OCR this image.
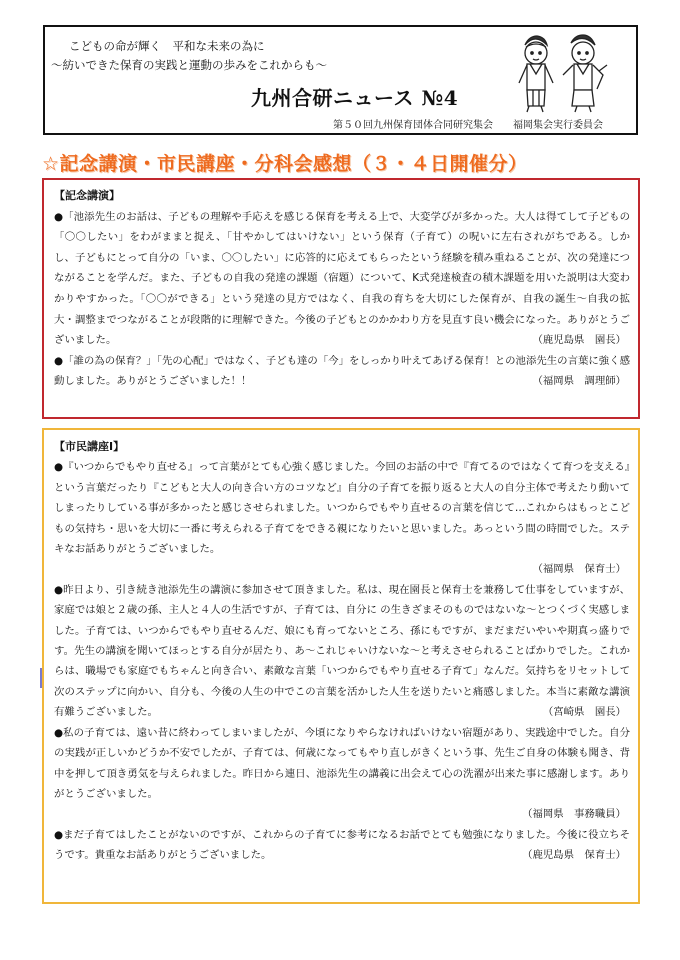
こどもの命が輝く　平和な未来の為に
～紡いできた保育の実践と運動の歩みをこれからも～
九州合研ニュース №4
第５０回九州保育団体合同研究集会　　福岡集会実行委員会
☆記念講演・市民講座・分科会感想（３・４日開催分）
【記念講演】

●「池添先生のお話は、子どもの理解や手応えを感じる保育を考える上で、大変学びが多かった。大人は得てして子どもの「〇〇したい」をわがままと捉え、「甘やかしてはいけない」という保育（子育て）の呪いに左右されがちである。しかし、子どもにとって自分の「いま、〇〇したい」に応答的に応えてもらったという経験を積み重ねることが、次の発達につながることを学んだ。また、子どもの自我の発達の課題（宿題）について、K式発達検査の積木課題を用いた説明は大変わかりやすかった。「〇〇ができる」という発達の見方ではなく、自我の育ちを大切にした保育が、自我の誕生～自我の拡大・調整までつながることが段階的に理解できた。今後の子どもとのかかわり方を見直す良い機会になった。ありがとうございました。	（鹿児島県　園長）

●「誰の為の保育？」「先の心配」ではなく、子ども達の「今」をしっかり叶えてあげる保育！との池添先生の言葉に強く感動しました。ありがとうございました！！	（福岡県　調理師）

【市民講座Ⅰ】

●『いつからでもやり直せる』って言葉がとても心強く感じました。今回のお話の中で『育てるのではなくて育つを支える』という言葉だったり『こどもと大人の向き合い方のコツなど』自分の子育てを振り返ると大人の自分主体で考えたり動いてしまったりしている事が多かったと感じさせられました。いつからでもやり直せるの言葉を信じて…これからはもっとこどもの気持ち・思いを大切に一番に考えられる子育てをできる親になりたいと思いました。あっという間の時間でした。ステキなお話ありがとうございました。

（福岡県　保育士）

●昨日より、引き続き池添先生の講演に参加させて頂きました。私は、現在園長と保育士を兼務して仕事をしていますが、家庭では娘と２歳の孫、主人と４人の生活ですが、子育ては、自分に の生きざまそのものではないな～とつくづく実感しました。子育ては、いつからでもやり直せるんだ、娘にも育ってないところ、孫にもですが、まだまだいやいや期真っ盛りです。先生の講演を聞いてほっとする自分が居たり、あ～これじゃいけないな～と考えさせられることばかりでした。これからは、職場でも家庭でもちゃんと向き合い、素敵な言葉「いつからでもやり直せる子育て」なんだ。気持ちをリセットして次のステップに向かい、自分も、今後の人生の中でこの言葉を活かした人生を送りたいと痛感しました。本当に素敵な講演有難うございました。	（宮崎県　園長）

●私の子育ては、遠い昔に終わってしまいましたが、今頃になりやらなければいけない宿題があり、実践途中でした。自分の実践が正しいかどうか不安でしたが、子育ては、何歳になってもやり直しがきくという事、先生ご自身の体験も聞き、背中を押して頂き勇気を与えられました。昨日から連日、池添先生の講義に出会えて心の洗濯が出来た事に感謝します。ありがとうございました。

（福岡県　事務職員）

●まだ子育てはしたことがないのですが、これからの子育てに参考になるお話でとても勉強になりました。今後に役立ちそうです。貴重なお話ありがとうございました。	（鹿児島県　保育士）
